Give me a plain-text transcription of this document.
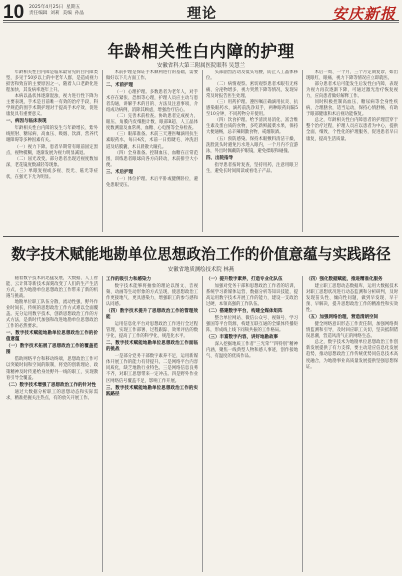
10 2025年4月25日 星期五
责任编辑 刘莉 美编 孙晶	理论	安庆新报
年龄相关性白内障的护理
安徽省科大第三附属医院眼科 吴慧兰

年龄相关性白内障是临床最常见的白内障类型，多见于50岁以上的中老年人群，是造成视力损害和致盲的主要原因之一。随着人口老龄化进程加快，其发病率逐年上升。

本病以晶状体逐渐混浊、视力进行性下降为主要表现，手术是目前唯一有效的治疗手段，科学规范的围手术期护理对于提高手术疗效、促进康复具有重要意义。

一、病因与临床表现

年龄相关性白内障的发生与年龄增长、紫外线照射、糖尿病、高血压、吸烟、饮酒、营养代谢障碍等多种因素有关。

（一）视力下降。患者早期常有眼前固定黑点，视物模糊，逐渐发展为视力明显减退。

（二）屈光改变。部分患者出现近视度数加深，老花镜度数减轻等现象。

（三）单眼复视或多视、畏光、眩光等症状，在强光下尤为明显。

术前护理是保证手术顺利进行的基础，需要做好以下几方面工作。

二、术前护理

（一）心理护理。多数患者为老年人，对手术存在紧张、恐惧等心理，护理人员应主动与患者沟通，讲解手术的目的、方法及注意事项，介绍成功病例，消除其顾虑，增强治疗信心。

（二）完善术前检查。协助患者完成视力、眼压、角膜内皮细胞计数、眼部B超、人工晶体度数测量及血常规、血糖、心电图等全身检查。

（三）眼部准备。术前三天遵医嘱滴用抗生素眼药水，每日4次，术前一日剪睫毛、冲洗泪道及结膜囊，术日晨散大瞳孔。

（四）全身准备。控制血压、血糖在正常范围，训练患者眼球向各方向转动，术前排空大小便。

三、术后护理

（一）体位护理。术后平卧或健侧卧位，避免患眼受压。

头部剧烈活动及低头弯腰，防止人工晶体移位。

（二）病情观察。密切观察患者术眼有无疼痛、分泌物增多、视力突然下降等情况，发现异常及时报告医生处理。

（三）用药护理。遵医嘱正确滴用抗炎、抗感染眼药水，滴药前洗净双手，两种眼药间隔5至10分钟，不同药物分开使用。

（四）饮食护理。给予清淡易消化、富含维生素及蛋白质的食物，多吃新鲜蔬菜水果，保持大便通畅，忌辛辣刺激食物，戒烟限酒。

（五）预防感染。保持术眼敷料清洁干燥，洗脸洗头时避免污水进入眼内，一个月内不宜游泳，外出时佩戴防护眼镜，避免揉眼和碰撞。

四、出院指导

指导患者按时复查，坚持用药，注意用眼卫生，避免长时间阅读或看电子产品。

术后一周、一个月、三个月定期复诊，如出现眼红、眼痛、视力下降等情况应立即就医。

部分患者术后可能发生后发性白内障，表现为视力再次逐渐下降，可通过激光治疗恢复视力，应向患者做好解释工作。

同时积极控制高血压、糖尿病等全身性疾病，合理膳食，适当运动，保持心情舒畅，有助于眼部健康和术后视功能恢复。

总之，年龄相关性白内障患者的护理贯穿于整个治疗过程，护理人员应以患者为中心，提供全面、细致、个性化的护理服务，促进患者早日康复，提高生活质量。

数字技术赋能地勘单位思想政治工作的价值意蕴与实践路径
安徽省地质测绘技术院 林燕

随着数字技术的迅猛发展，大数据、人工智能、云计算等新技术深刻改变了人们的生产生活方式，也为地勘单位思想政治工作带来了新的机遇与挑战。

地勘单位职工队伍分散、流动性强，野外作业时间长，传统的思想政治工作方式难以全面覆盖。充分运用数字技术，创新思想政治工作的方式方法，是新时代加强和改进地勘单位思想政治工作的必然要求。

一、数字技术赋能地勘单位思想政治工作的价值意蕴
（一）数字技术拓展了思想政治工作的覆盖范围

借助网络平台和移动终端，思想政治工作可以突破时间和空间的限制，将党的创新理论、政策精神及时传递给身处野外一线的职工，实现教育引导全覆盖。

（二）数字技术增强了思想政治工作的针对性

通过大数据分析职工的思想动态和实际需求，精准把握关注热点，有的放矢开展工作。

工作的吸引力和感染力

数字技术能够将抽象的理论以图文、音视频、动画等生动形象的方式呈现，使思想政治工作更接地气、更具感染力，增强职工的参与感和认同感。

（四）数字技术提升了思想政治工作的管理效能

运用信息化平台对思想政治工作进行全过程管理，实现工作部署、过程跟踪、效果评估的数字化，提高了工作的科学化、规范化水平。

二、数字技术赋能地勘单位思想政治工作面临的挑战

一是部分党务干部数字素养不足，运用新媒体开展工作的能力有待提升。二是网络平台内容同质化，缺乏地勘行业特色。三是网络信息良莠不齐，对职工思想带来一定冲击。四是野外作业区网络信号覆盖不足，影响工作开展。

三、数字技术赋能地勘单位思想政治工作的实践路径
（一）提升数字素养，打造专业化队伍

加强对党务干部和思想政治工作者的培训，系统学习新媒体运营、数据分析等知识技能，提高运用数字技术开展工作的能力，建设一支政治过硬、本领高强的工作队伍。

（二）搭建数字平台，构建全媒体矩阵

整合单位网站、微信公众号、视频号、学习强国等平台资源，构建互联互通的全媒体传播矩阵，形成线上线下同频共振的工作格局。

（三）丰富数字内容，讲好地勘故事

深入挖掘地质工作者“三光荣”“四特别”精神内涵，聚焦一线典型人物和感人事迹，创作接地气、有温度的优质作品。

（四）强化数据赋能，推进精准化服务

建立职工思想动态数据库，运用大数据技术对职工思想状况进行动态监测和分析研判，及时发现苗头性、倾向性问题，做到早发现、早干预、早解决，提升思想政治工作的精准性和实效性。

（五）加强网络治理，营造清朗空间

健全网络意识形态工作责任制，加强网络舆情监测和引导，及时回应职工关切，坚决抵制错误思潮，营造风清气正的网络生态。

总之，数字技术为地勘单位思想政治工作创新发展提供了有力支撑，要主动适应信息化发展趋势，推动思想政治工作传统优势同信息技术高度融合，为地勘事业高质量发展提供坚强思想保证。
